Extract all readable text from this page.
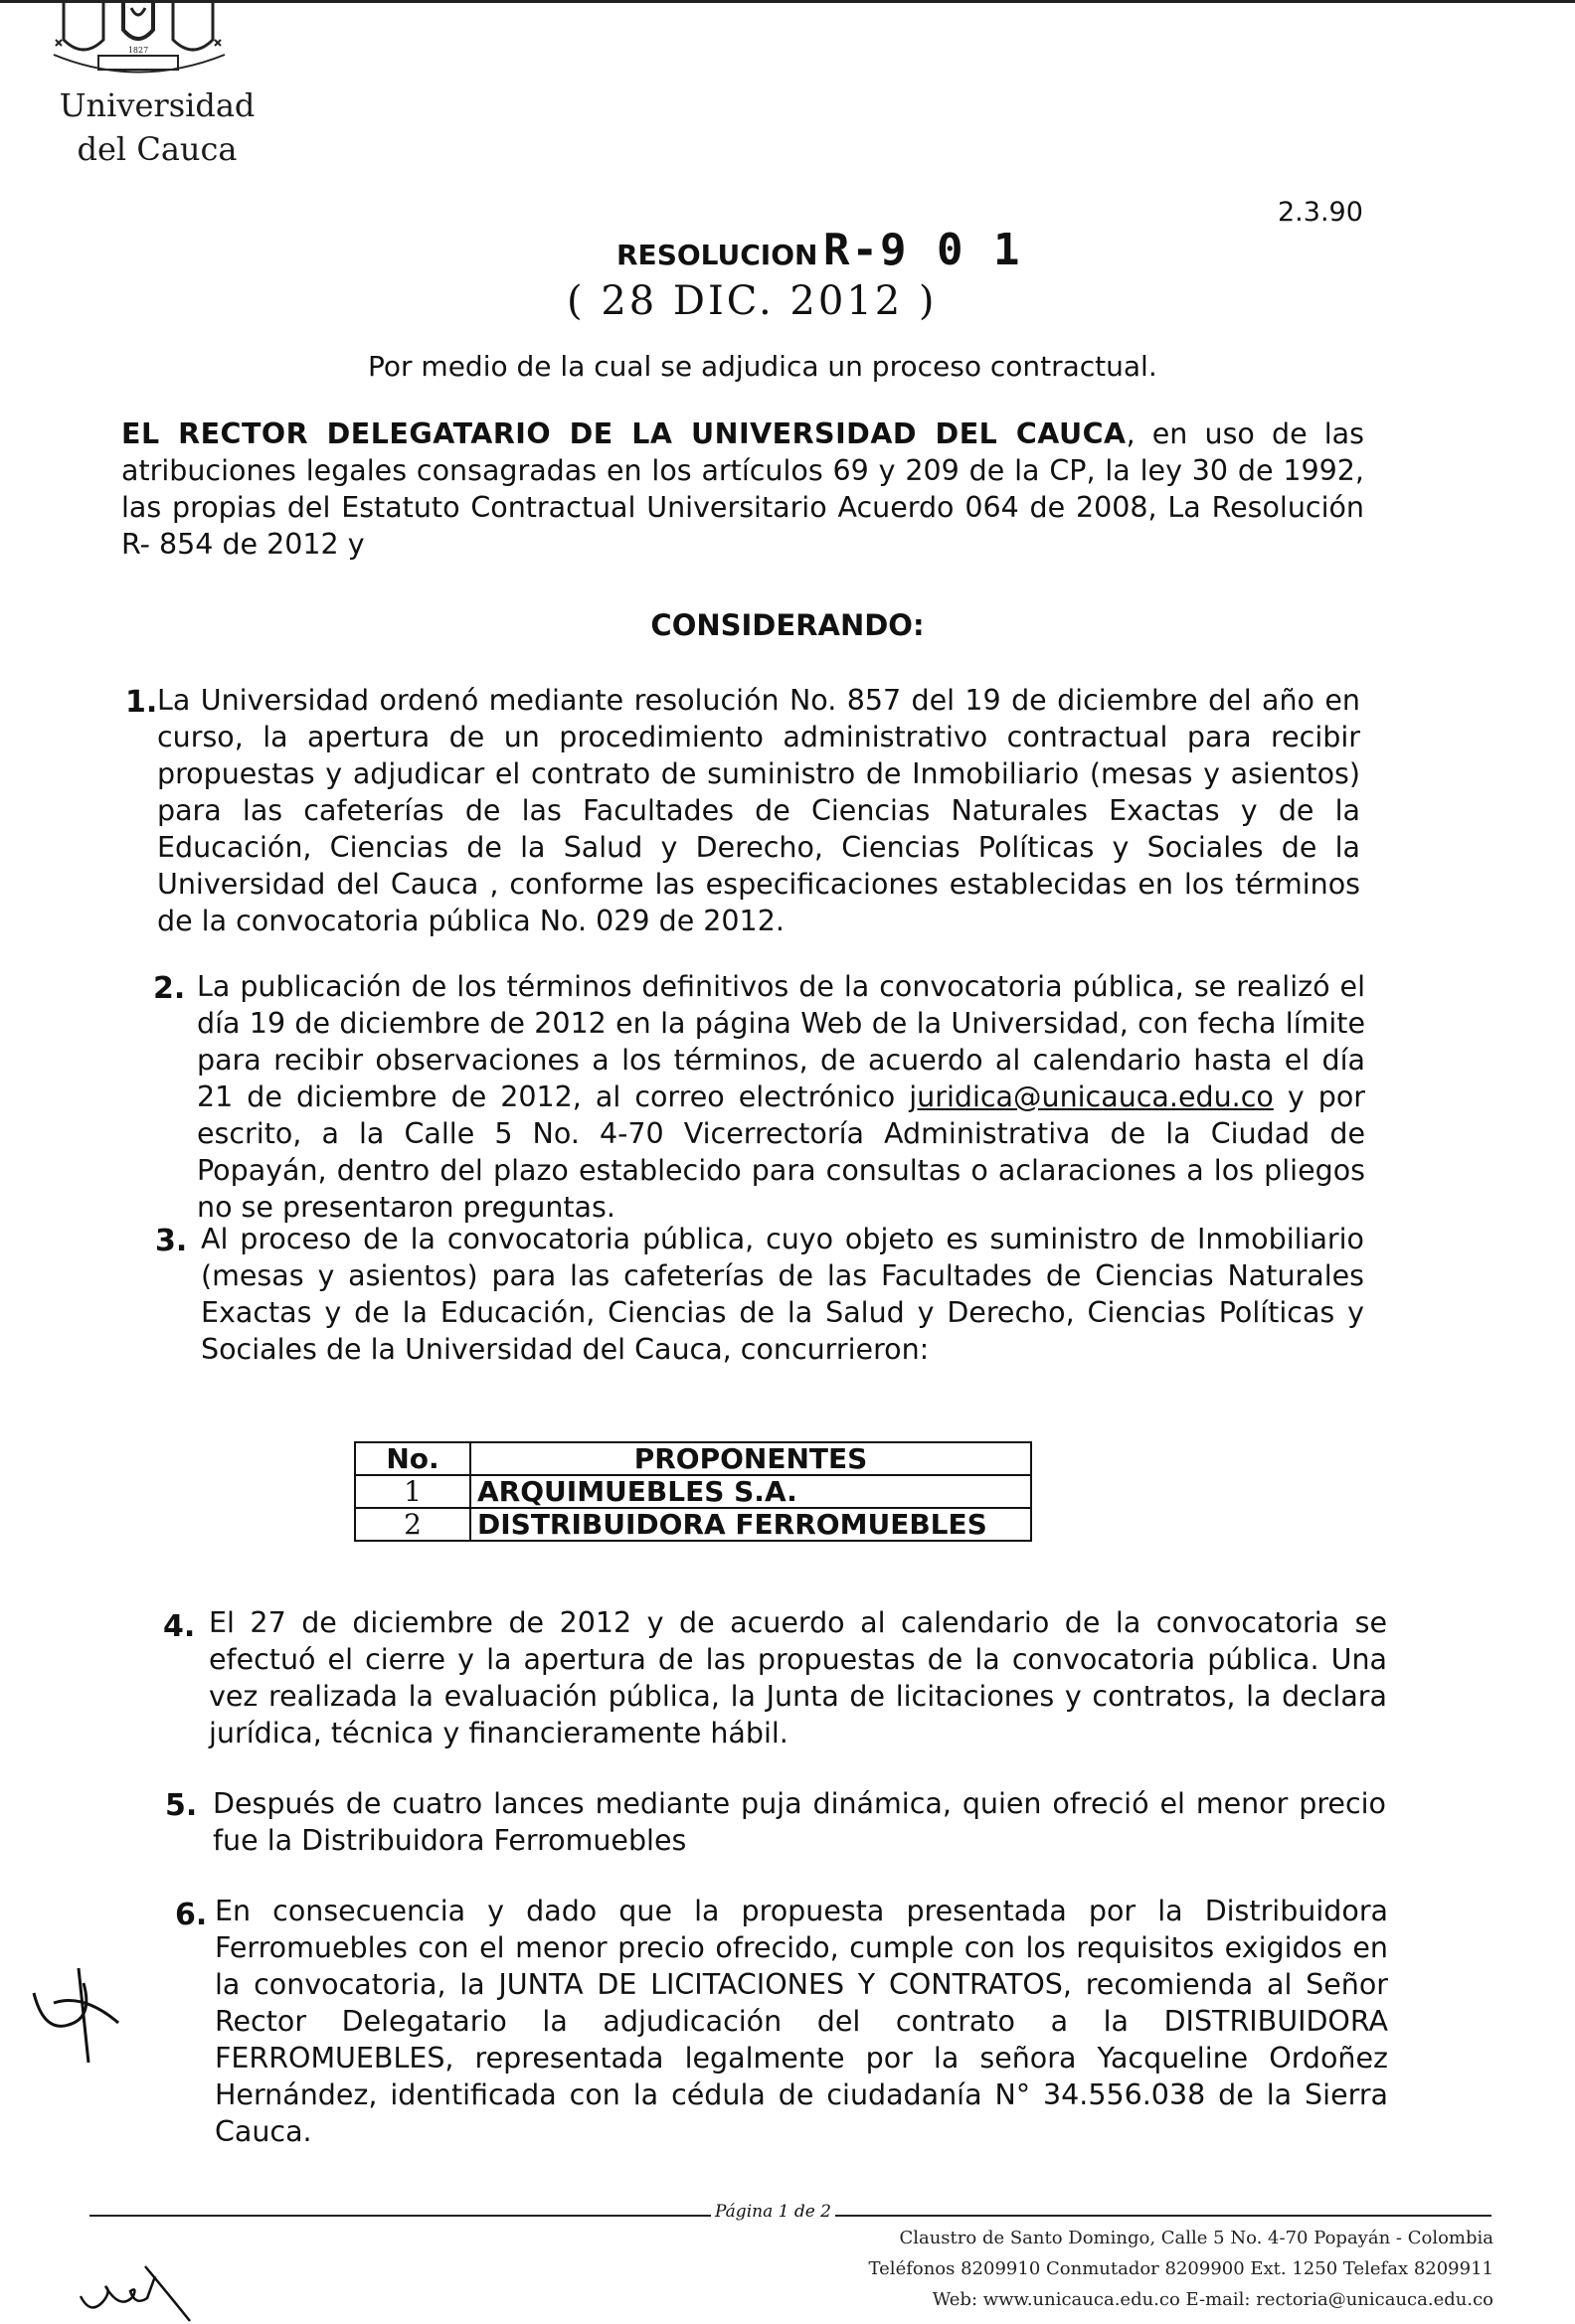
1827
Universidad
del Cauca
2.3.90
RESOLUCION R-9 0 1
( 28 DIC. 2012 )
Por medio de la cual se adjudica un proceso contractual.
EL RECTOR DELEGATARIO DE LA UNIVERSIDAD DEL CAUCA, en uso de las atribuciones legales consagradas en los artículos 69 y 209 de la CP, la ley 30 de 1992, las propias del Estatuto Contractual Universitario Acuerdo 064 de 2008, La Resolución R- 854 de 2012 y
CONSIDERANDO:
1. La Universidad ordenó mediante resolución No. 857 del 19 de diciembre del año en curso, la apertura de un procedimiento administrativo contractual para recibir propuestas y adjudicar el contrato de suministro de Inmobiliario (mesas y asientos) para las cafeterías de las Facultades de Ciencias Naturales Exactas y de la Educación, Ciencias de la Salud y Derecho, Ciencias Políticas y Sociales de la Universidad del Cauca , conforme las especificaciones establecidas en los términos de la convocatoria pública No. 029 de 2012.
2. La publicación de los términos definitivos de la convocatoria pública, se realizó el día 19 de diciembre de 2012 en la página Web de la Universidad, con fecha límite para recibir observaciones a los términos, de acuerdo al calendario hasta el día 21 de diciembre de 2012, al correo electrónico juridica@unicauca.edu.co y por escrito, a la Calle 5 No. 4-70 Vicerrectoría Administrativa de la Ciudad de Popayán, dentro del plazo establecido para consultas o aclaraciones a los pliegos no se presentaron preguntas.
3. Al proceso de la convocatoria pública, cuyo objeto es suministro de Inmobiliario (mesas y asientos) para las cafeterías de las Facultades de Ciencias Naturales Exactas y de la Educación, Ciencias de la Salud y Derecho, Ciencias Políticas y Sociales de la Universidad del Cauca, concurrieron:
No.	PROPONENTES
1	ARQUIMUEBLES S.A.
2	DISTRIBUIDORA FERROMUEBLES
4. El 27 de diciembre de 2012 y de acuerdo al calendario de la convocatoria se efectuó el cierre y la apertura de las propuestas de la convocatoria pública. Una vez realizada la evaluación pública, la Junta de licitaciones y contratos, la declara jurídica, técnica y financieramente hábil.
5. Después de cuatro lances mediante puja dinámica, quien ofreció el menor precio fue la Distribuidora Ferromuebles
6. En consecuencia y dado que la propuesta presentada por la Distribuidora Ferromuebles con el menor precio ofrecido, cumple con los requisitos exigidos en la convocatoria, la JUNTA DE LICITACIONES Y CONTRATOS, recomienda al Señor Rector Delegatario la adjudicación del contrato a la DISTRIBUIDORA FERROMUEBLES, representada legalmente por la señora Yacqueline Ordoñez Hernández, identificada con la cédula de ciudadanía N° 34.556.038 de la Sierra Cauca.
Página 1 de 2
Claustro de Santo Domingo, Calle 5 No. 4-70 Popayán - Colombia
Teléfonos 8209910 Conmutador 8209900 Ext. 1250 Telefax 8209911
Web: www.unicauca.edu.co E-mail: rectoria@unicauca.edu.co
